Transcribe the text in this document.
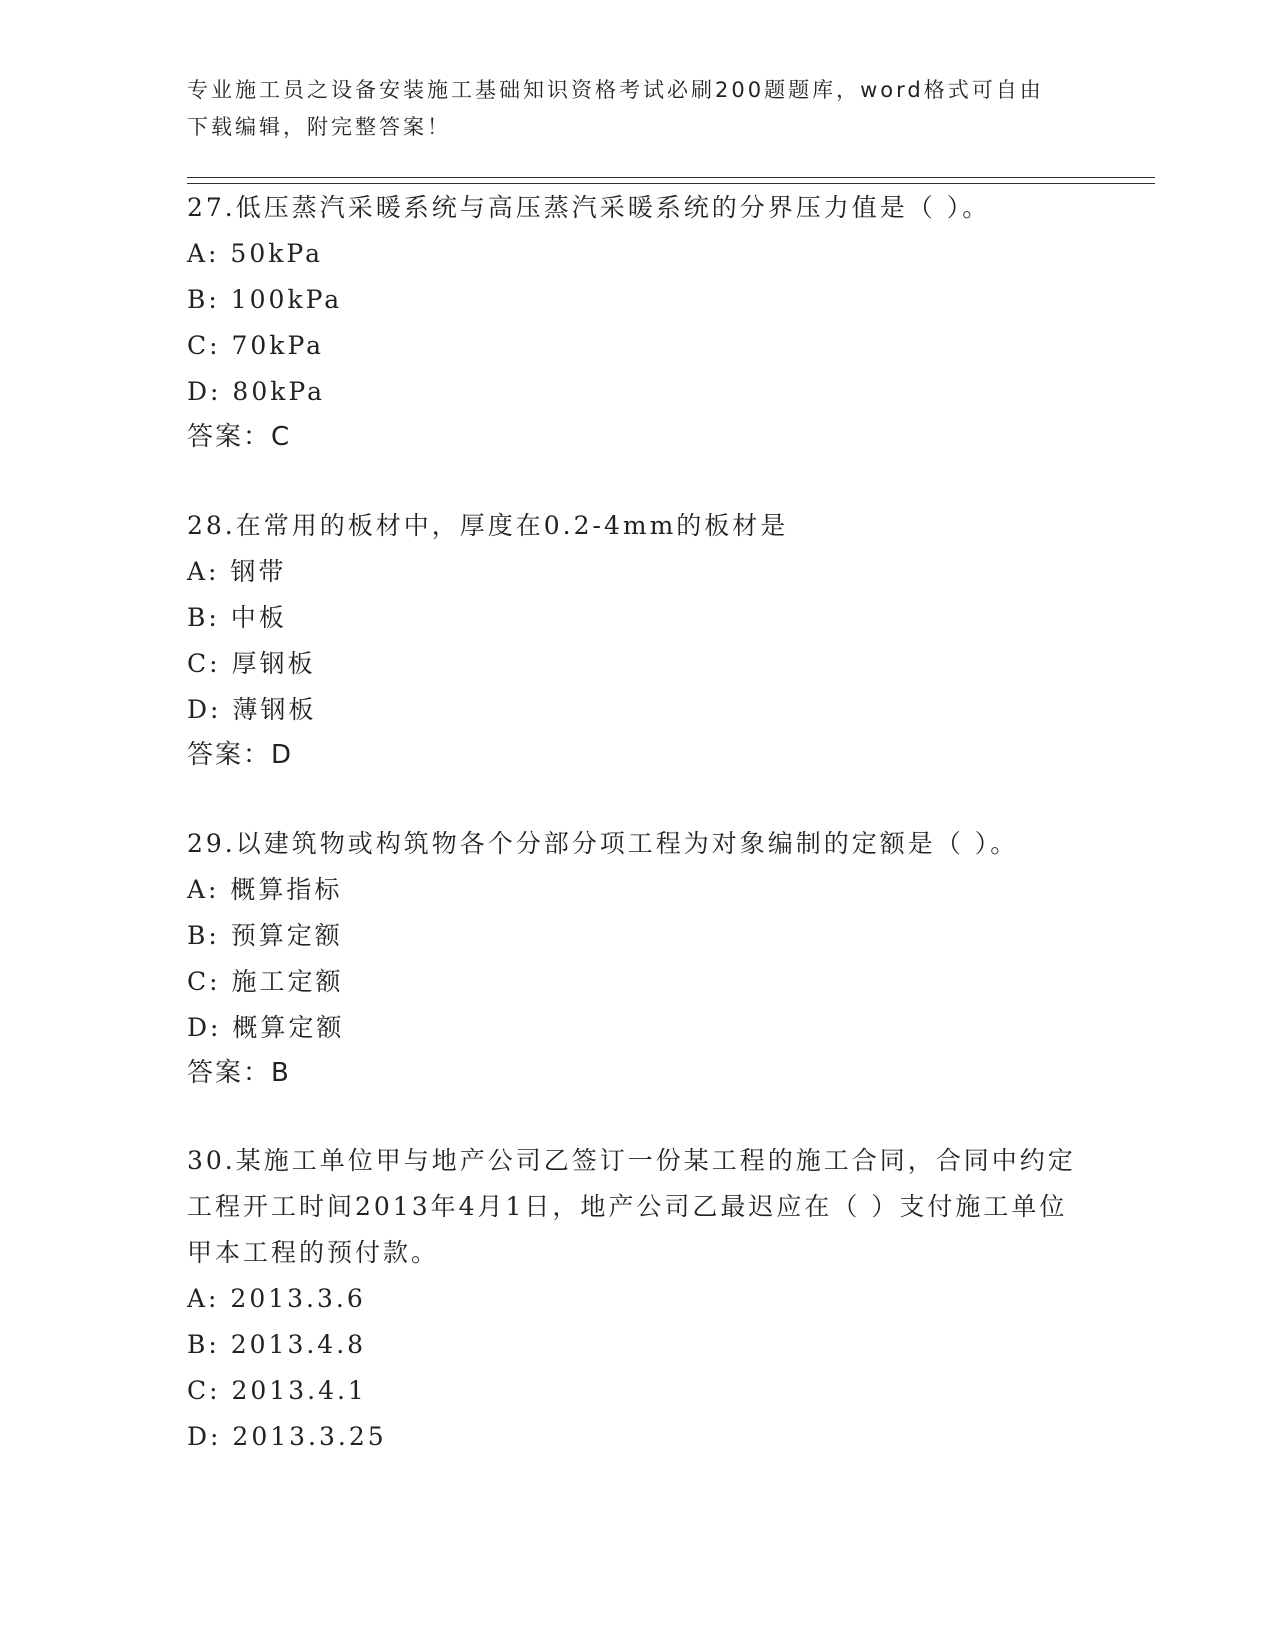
专业施工员之设备安装施工基础知识资格考试必刷200题题库，word格式可自由
下载编辑，附完整答案！
27.低压蒸汽采暖系统与高压蒸汽采暖系统的分界压力值是（ ）。
A: 50kPa
B: 100kPa
C: 70kPa
D: 80kPa
答案：C
28.在常用的板材中，厚度在0.2-4mm的板材是
A: 钢带
B: 中板
C: 厚钢板
D: 薄钢板
答案：D
29.以建筑物或构筑物各个分部分项工程为对象编制的定额是（ ）。
A: 概算指标
B: 预算定额
C: 施工定额
D: 概算定额
答案：B
30.某施工单位甲与地产公司乙签订一份某工程的施工合同，合同中约定工程开工时间2013年4月1日，地产公司乙最迟应在（ ）支付施工单位甲本工程的预付款。
A: 2013.3.6
B: 2013.4.8
C: 2013.4.1
D: 2013.3.25
